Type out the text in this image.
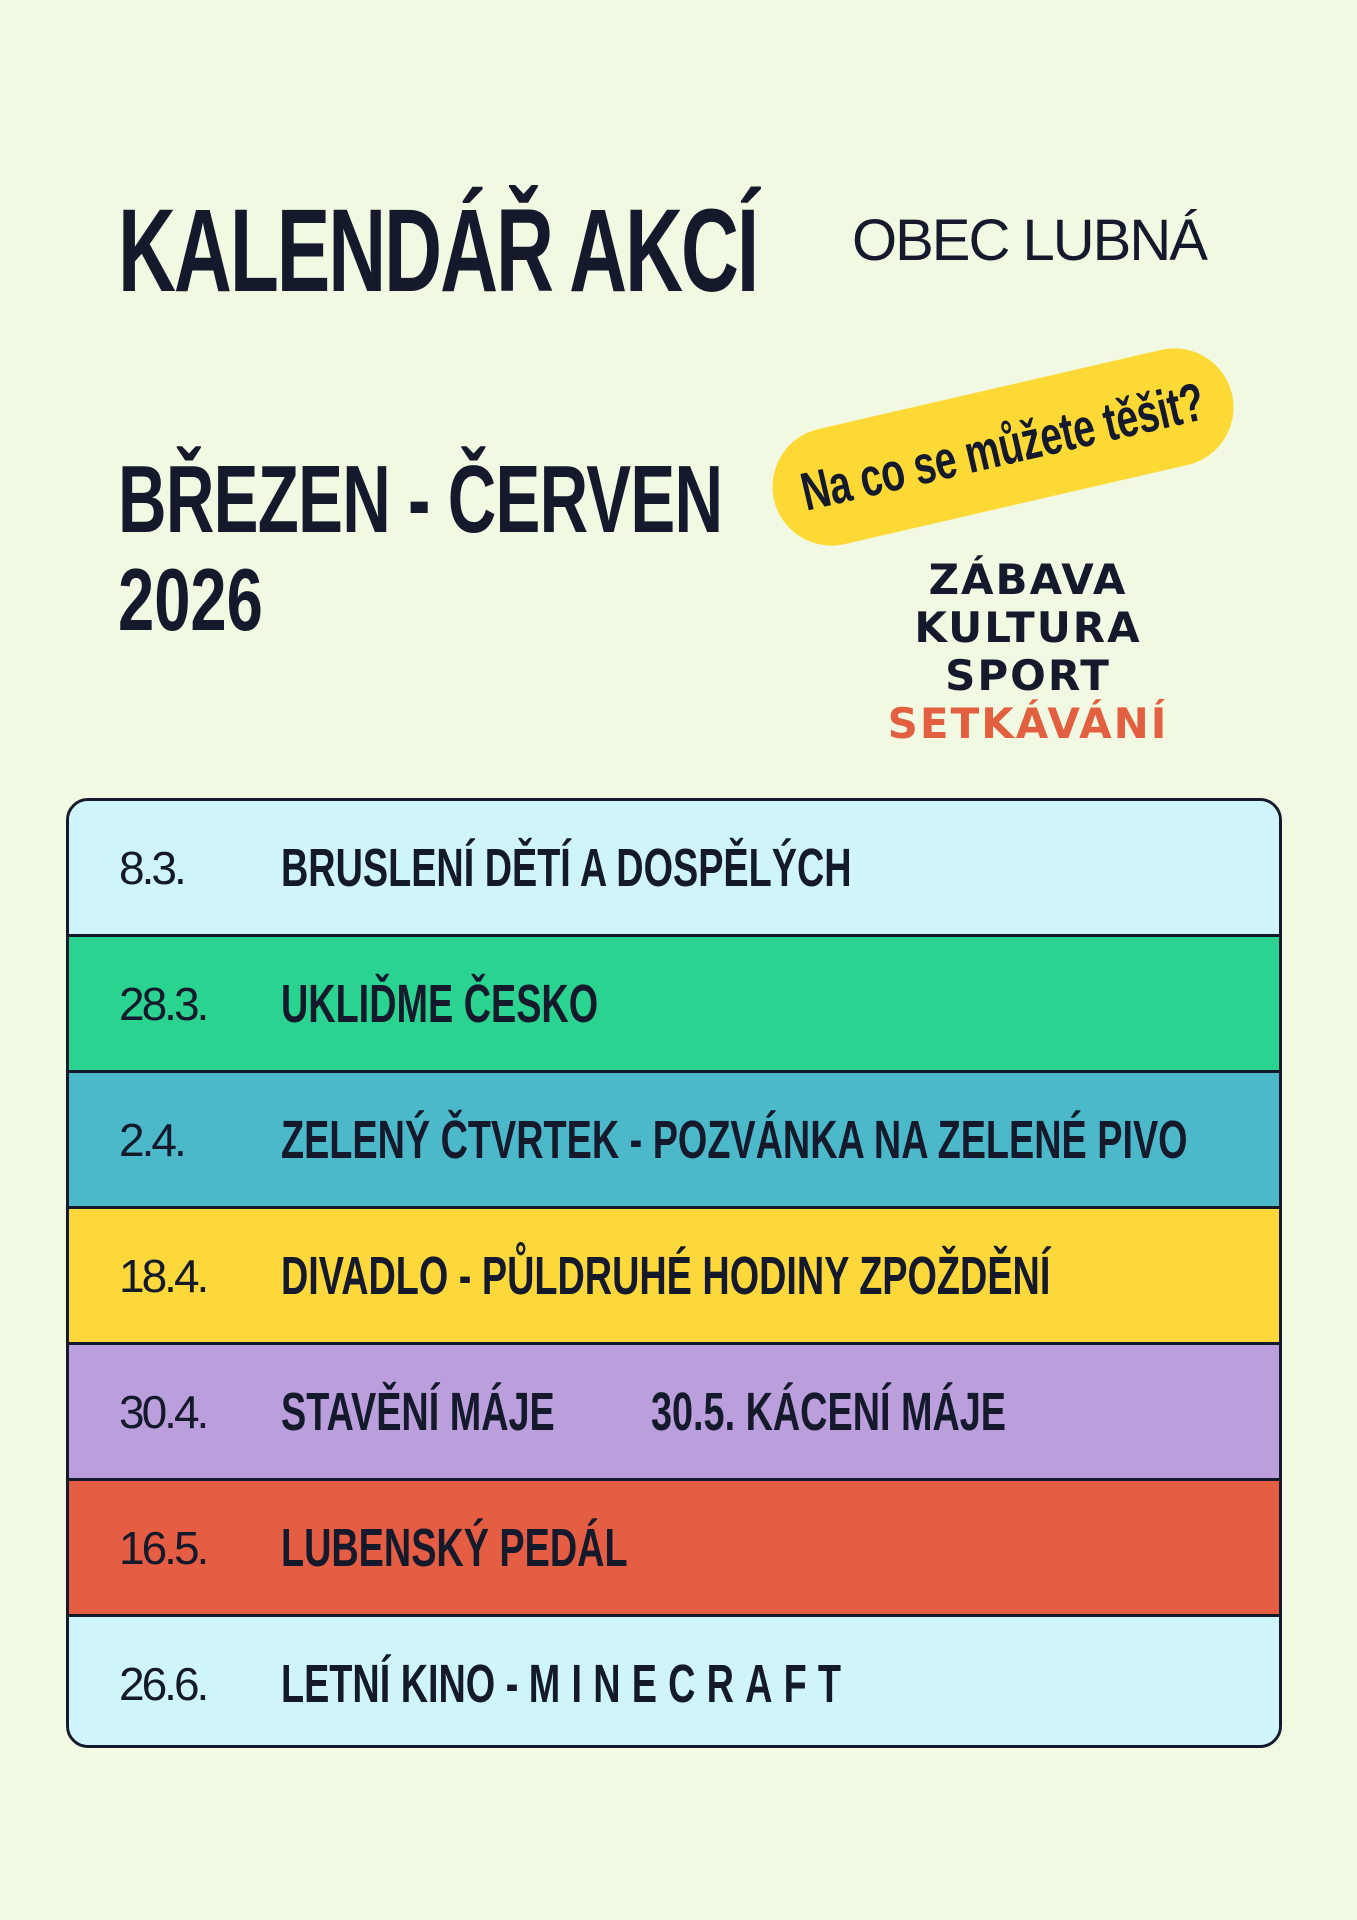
KALENDÁŘ AKCÍ OBEC LUBNÁ
BŘEZEN - ČERVEN
2026
Na co se můžete těšit?
ZÁBAVA
KULTURA
SPORT
SETKÁVÁNÍ
8.3. BRUSLENÍ DĚTÍ A DOSPĚLÝCH
28.3. UKLIĎME ČESKO
2.4. ZELENÝ ČTVRTEK - POZVÁNKA NA ZELENÉ PIVO
18.4. DIVADLO - PŮLDRUHÉ HODINY ZPOŽDĚNÍ
30.4. STAVĚNÍ MÁJE 30.5.
KÁCENÍ MÁJE
16.5. LUBENSKÝ PEDÁL
26.6. LETNÍ KINO -
MINECRAFT
